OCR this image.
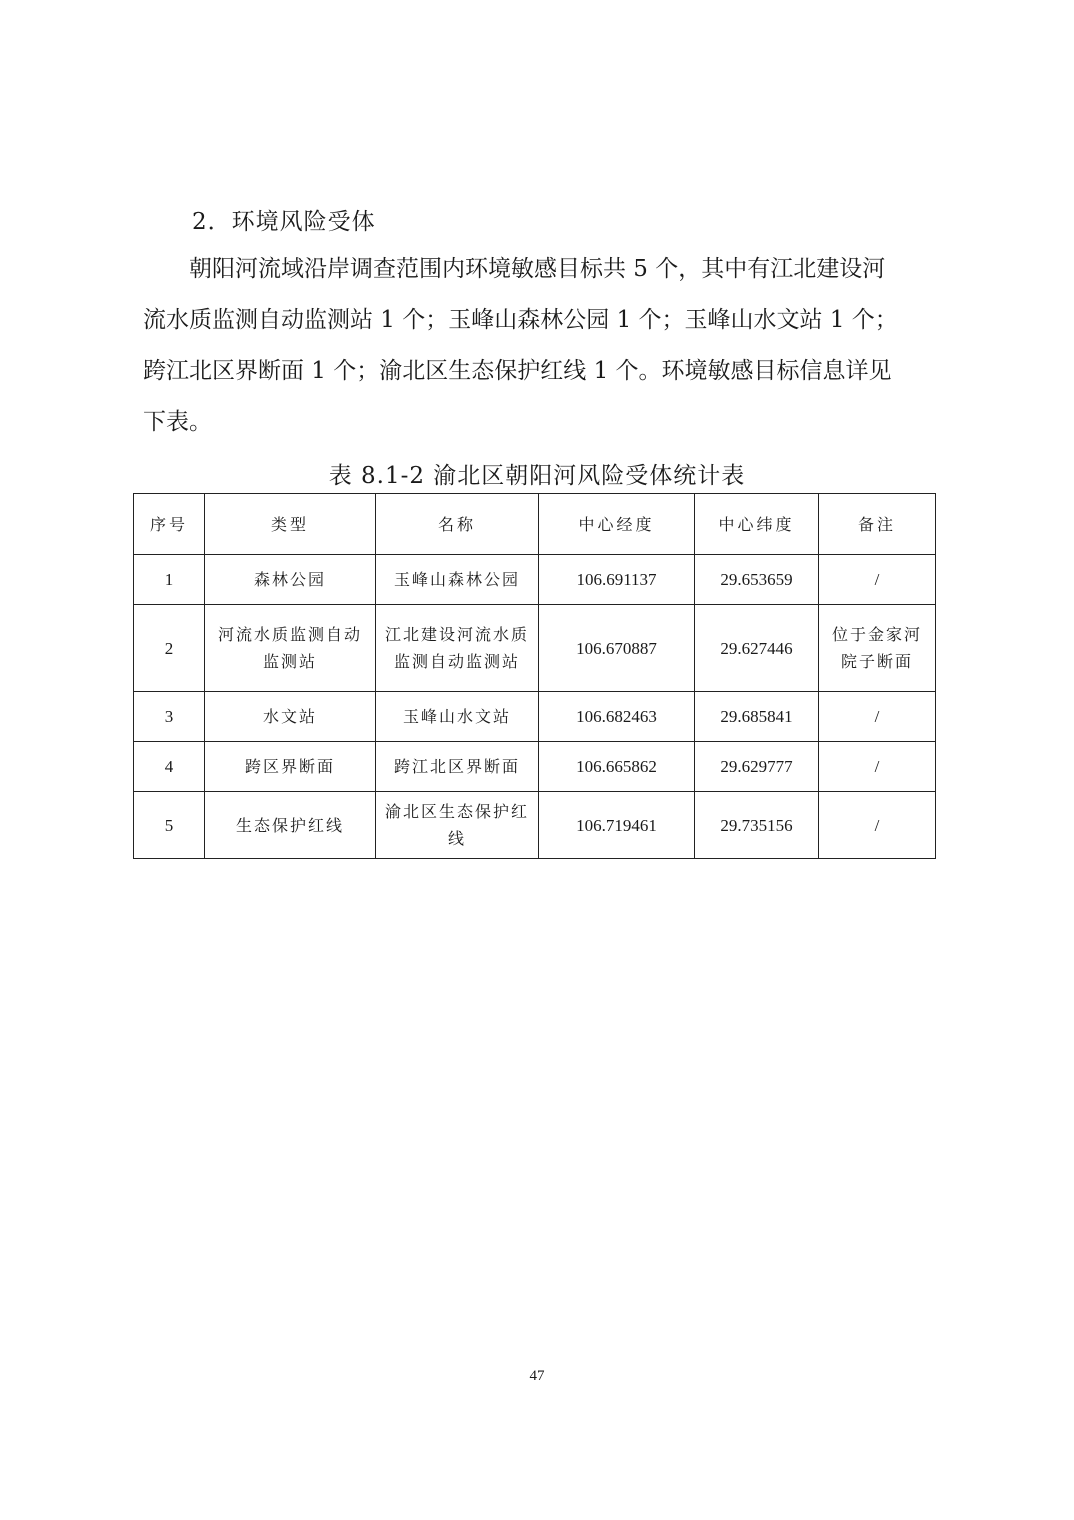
2．环境风险受体
　　朝阳河流域沿岸调查范围内环境敏感目标共 5 个，其中有江北建设河
流水质监测自动监测站 1 个；玉峰山森林公园 1 个；玉峰山水文站 1 个；
跨江北区界断面 1 个；渝北区生态保护红线 1 个。环境敏感目标信息详见
下表。
表 8.1-2 渝北区朝阳河风险受体统计表
序号	类型	名称	中心经度	中心纬度	备注
1	森林公园	玉峰山森林公园	106.691137	29.653659	/
2	河流水质监测自动监测站	江北建设河流水质监测自动监测站	106.670887	29.627446	位于金家河院子断面
3	水文站	玉峰山水文站	106.682463	29.685841	/
4	跨区界断面	跨江北区界断面	106.665862	29.629777	/
5	生态保护红线	渝北区生态保护红线	106.719461	29.735156	/
47
